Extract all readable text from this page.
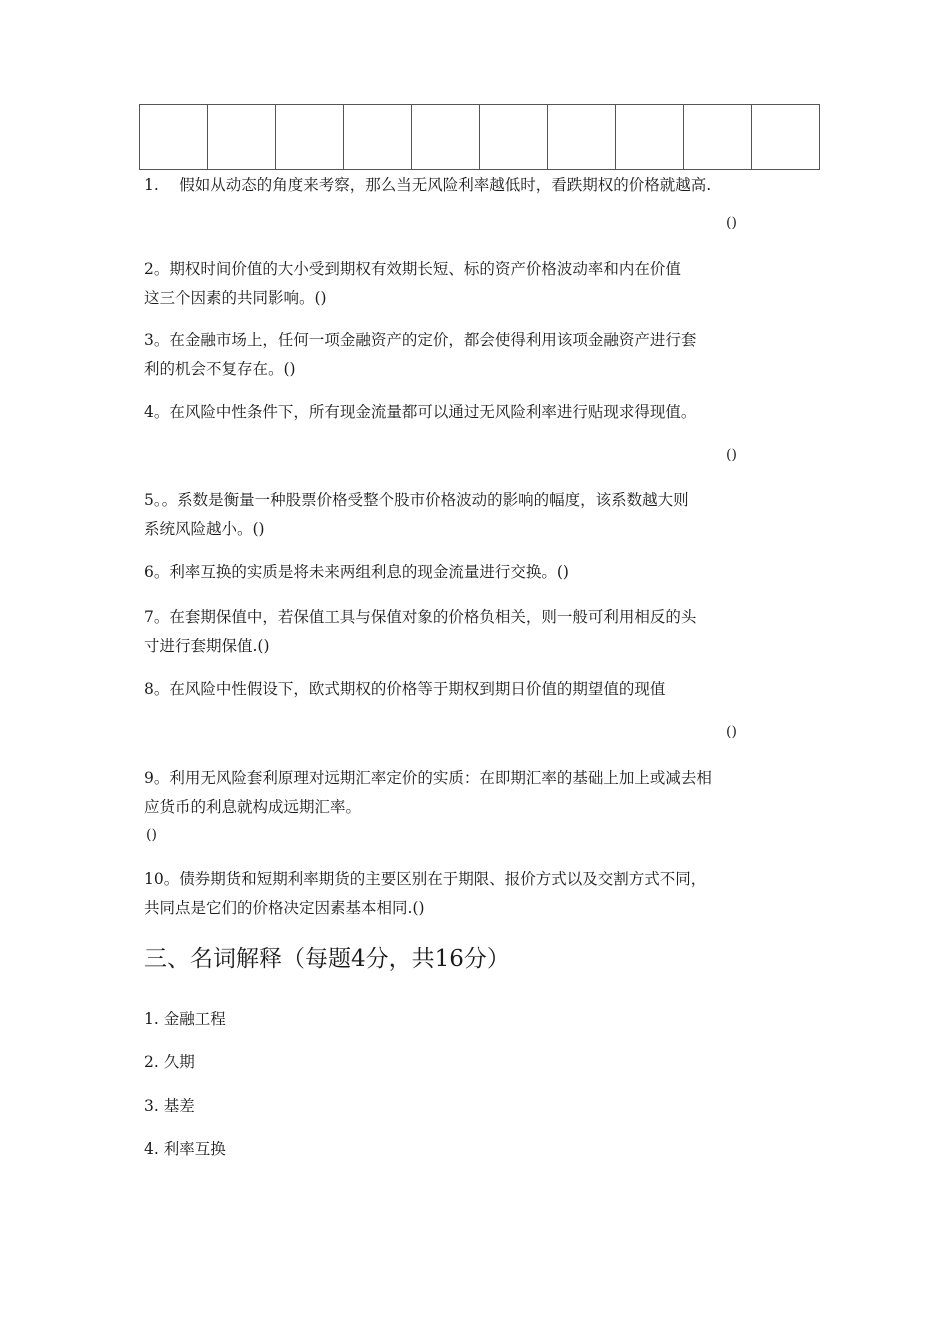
1.　 假如从动态的角度来考察，那么当无风险利率越低时，看跌期权的价格就越高.
()
2。期权时间价值的大小受到期权有效期长短、标的资产价格波动率和内在价值
这三个因素的共同影响。()
3。在金融市场上，任何一项金融资产的定价，都会使得利用该项金融资产进行套
利的机会不复存在。()
4。在风险中性条件下，所有现金流量都可以通过无风险利率进行贴现求得现值。
()
5。。系数是衡量一种股票价格受整个股市价格波动的影响的幅度，该系数越大则
系统风险越小。()
6。利率互换的实质是将未来两组利息的现金流量进行交换。()
7。在套期保值中，若保值工具与保值对象的价格负相关，则一般可利用相反的头
寸进行套期保值.()
8。在风险中性假设下，欧式期权的价格等于期权到期日价值的期望值的现值
()
9。利用无风险套利原理对远期汇率定价的实质：在即期汇率的基础上加上或减去相
应货币的利息就构成远期汇率。
()
10。债券期货和短期利率期货的主要区别在于期限、报价方式以及交割方式不同，
共同点是它们的价格决定因素基本相同.()
三、名词解释（每题4分，共16分）
1. 金融工程
2. 久期
3. 基差
4. 利率互换
